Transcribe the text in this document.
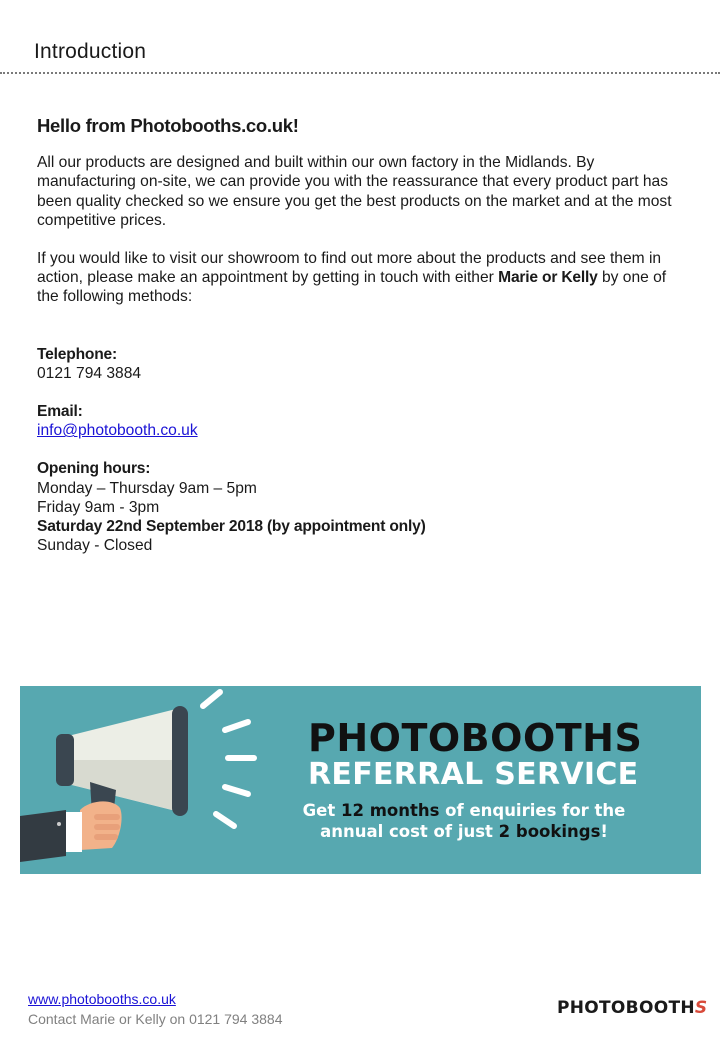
Introduction
Hello from Photobooths.co.uk!

All our products are designed and built within our own factory in the Midlands. By manufacturing on-site, we can provide you with the reassurance that every product part has been quality checked so we ensure you get the best products on the market and at the most competitive prices.

If you would like to visit our showroom to find out more about the products and see them in action, please make an appointment by getting in touch with either Marie or Kelly by one of the following methods:

Telephone:
0121 794 3884
Email:
info@photobooth.co.uk
Opening hours:
Monday – Thursday 9am – 5pm
Friday 9am - 3pm
Saturday 22nd September 2018 (by appointment only)
Sunday - Closed
PHOTOBOOTHS
REFERRAL SERVICE
Get 12 months of enquiries for the
annual cost of just 2 bookings!
www.photobooths.co.uk
Contact Marie or Kelly on 0121 794 3884
PHOTOBOOTHS
